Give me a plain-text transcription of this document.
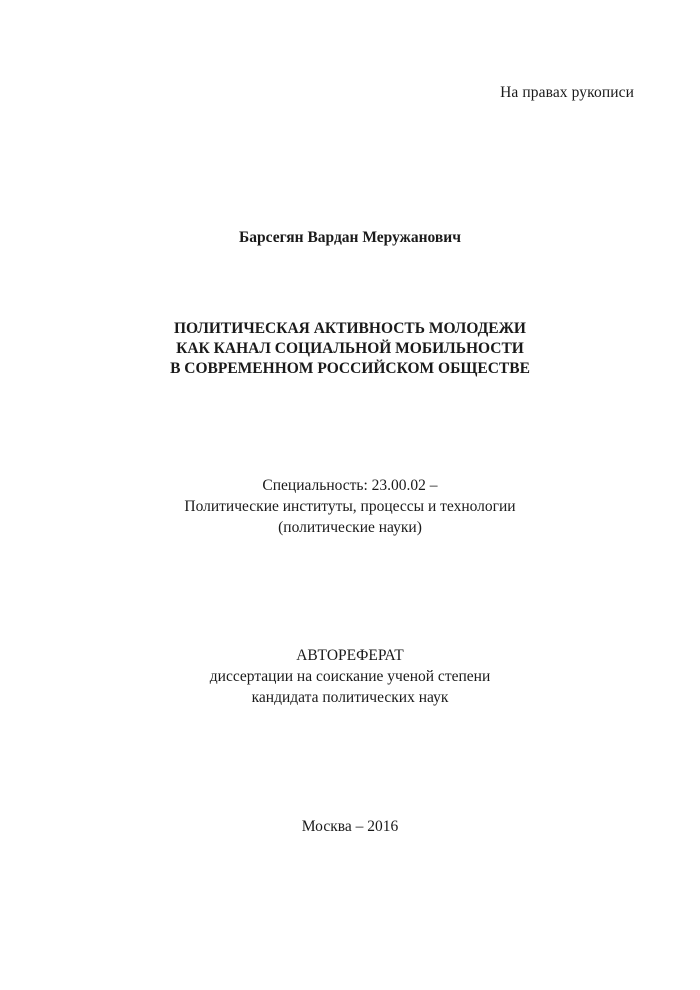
На правах рукописи
Барсегян Вардан Меружанович
ПОЛИТИЧЕСКАЯ АКТИВНОСТЬ МОЛОДЕЖИ
КАК КАНАЛ СОЦИАЛЬНОЙ МОБИЛЬНОСТИ
В СОВРЕМЕННОМ РОССИЙСКОМ ОБЩЕСТВЕ
Специальность: 23.00.02 –
Политические институты, процессы и технологии
(политические науки)
АВТОРЕФЕРАТ
диссертации на соискание ученой степени
кандидата политических наук
Москва – 2016
